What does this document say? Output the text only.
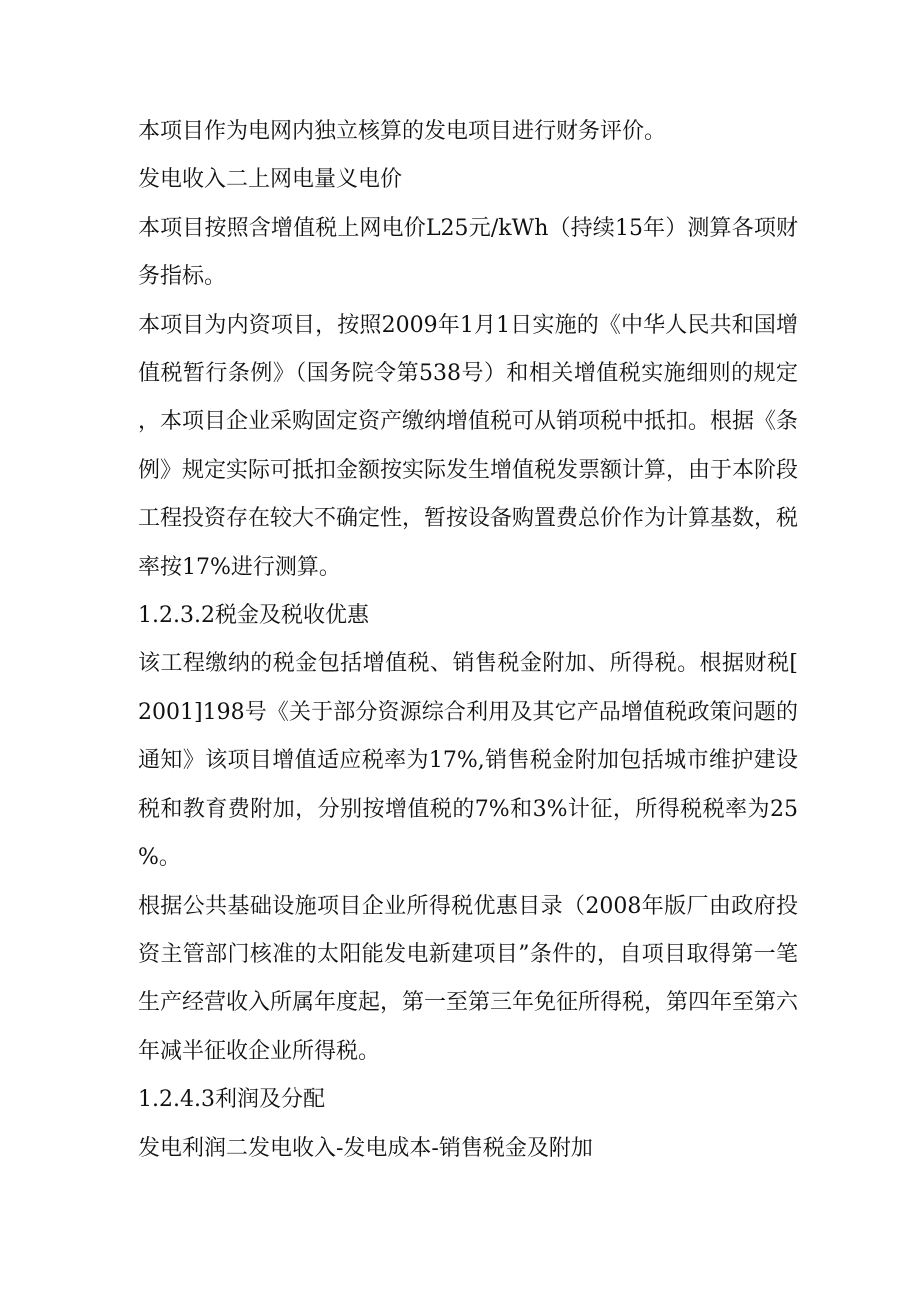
本项目作为电网内独立核算的发电项目进行财务评价。

发电收入二上网电量义电价

本项目按照含增值税上网电价L25元/kWh（持续15年）测算各项财务指标。

本项目为内资项目，按照2009年1月1日实施的《中华人民共和国增值税暂行条例》（国务院令第538号）和相关增值税实施细则的规定，本项目企业采购固定资产缴纳增值税可从销项税中抵扣。根据《条例》规定实际可抵扣金额按实际发生增值税发票额计算，由于本阶段工程投资存在较大不确定性，暂按设备购置费总价作为计算基数，税率按17%进行测算。

1.2.3.2税金及税收优惠

该工程缴纳的税金包括增值税、销售税金附加、所得税。根据财税[2001]198号《关于部分资源综合利用及其它产品增值税政策问题的通知》该项目增值适应税率为17%,销售税金附加包括城市维护建设税和教育费附加，分别按增值税的7%和3%计征，所得税税率为25%。

根据公共基础设施项目企业所得税优惠目录（2008年版厂由政府投资主管部门核准的太阳能发电新建项目”条件的，自项目取得第一笔生产经营收入所属年度起，第一至第三年免征所得税，第四年至第六年减半征收企业所得税。

1.2.4.3利润及分配

发电利润二发电收入-发电成本-销售税金及附加
